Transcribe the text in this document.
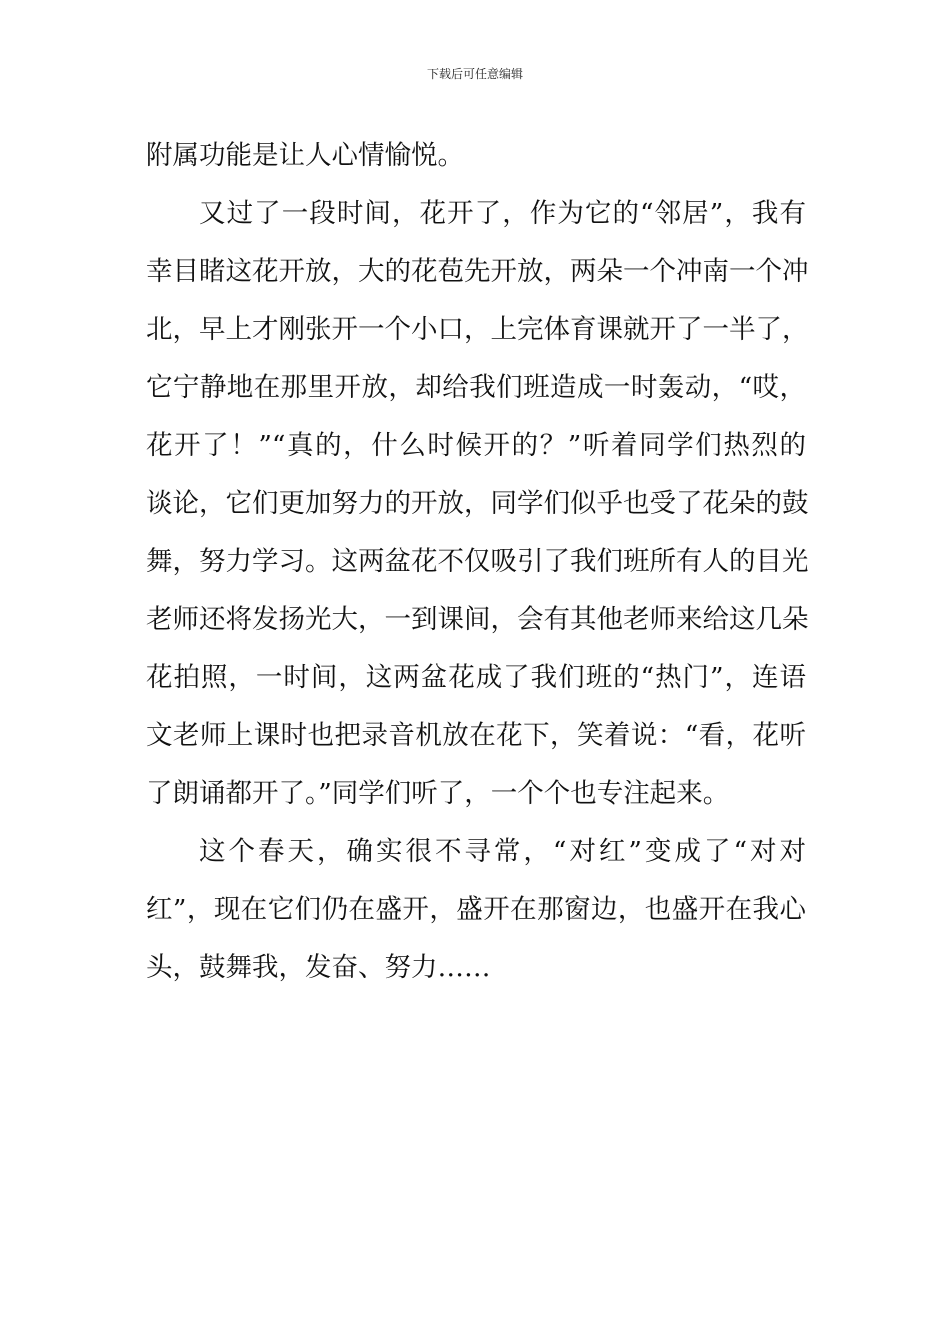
下载后可任意编辑
附属功能是让人心情愉悦。
又过了一段时间，花开了，作为它的“邻居”，我有
幸目睹这花开放，大的花苞先开放，两朵一个冲南一个冲
北，早上才刚张开一个小口，上完体育课就开了一半了，
它宁静地在那里开放，却给我们班造成一时轰动，“哎，
花开了！”“真的，什么时候开的？”听着同学们热烈的
谈论，它们更加努力的开放，同学们似乎也受了花朵的鼓
舞，努力学习。这两盆花不仅吸引了我们班所有人的目光
老师还将发扬光大，一到课间，会有其他老师来给这几朵
花拍照，一时间，这两盆花成了我们班的“热门”，连语
文老师上课时也把录音机放在花下，笑着说：“看，花听
了朗诵都开了。”同学们听了，一个个也专注起来。
这个春天，确实很不寻常，“对红”变成了“对对
红”，现在它们仍在盛开，盛开在那窗边，也盛开在我心
头，鼓舞我，发奋、努力……
